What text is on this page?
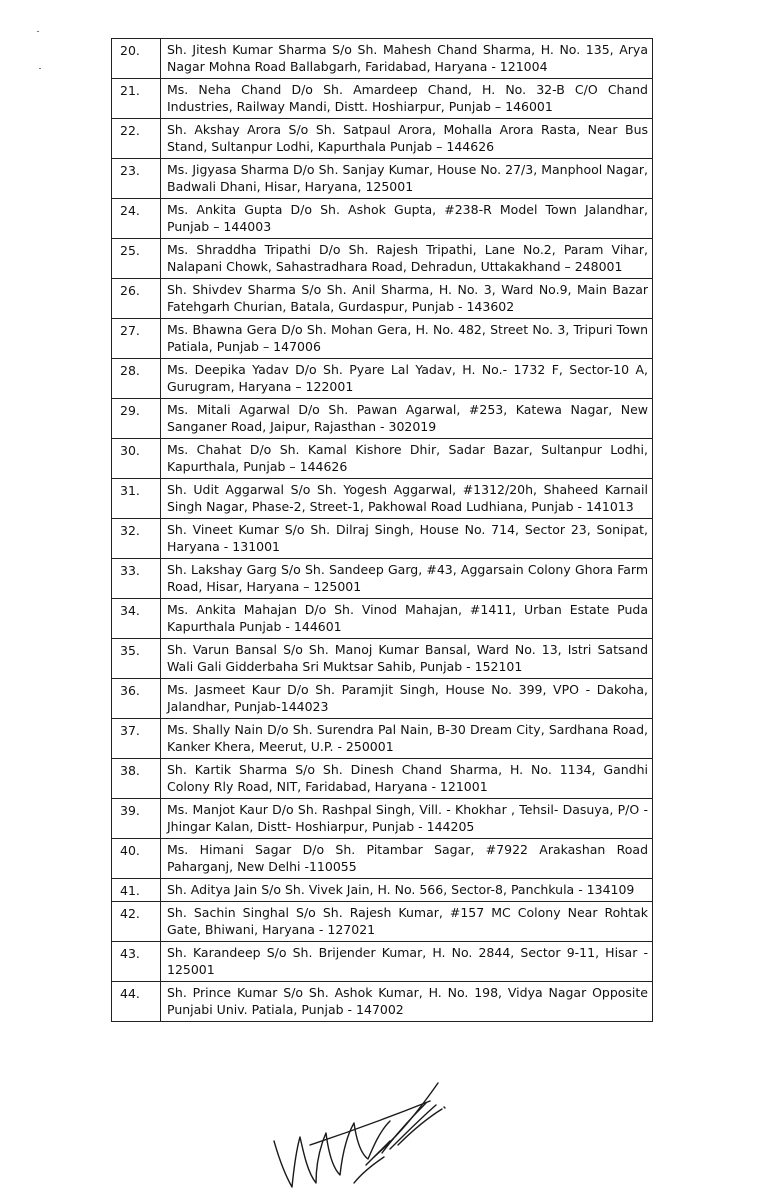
20.	Sh. Jitesh Kumar Sharma S/o Sh. Mahesh Chand Sharma, H. No. 135, Arya Nagar Mohna Road Ballabgarh, Faridabad, Haryana - 121004
21.	Ms. Neha Chand D/o Sh. Amardeep Chand, H. No. 32-B C/O Chand Industries, Railway Mandi, Distt. Hoshiarpur, Punjab – 146001
22.	Sh. Akshay Arora S/o Sh. Satpaul Arora, Mohalla Arora Rasta, Near Bus Stand, Sultanpur Lodhi, Kapurthala Punjab – 144626
23.	Ms. Jigyasa Sharma D/o Sh. Sanjay Kumar, House No. 27/3, Manphool Nagar, Badwali Dhani, Hisar, Haryana, 125001
24.	Ms. Ankita Gupta D/o Sh. Ashok Gupta, #238-R Model Town Jalandhar, Punjab – 144003
25.	Ms. Shraddha Tripathi D/o Sh. Rajesh Tripathi, Lane No.2, Param Vihar, Nalapani Chowk, Sahastradhara Road, Dehradun, Uttakakhand – 248001
26.	Sh. Shivdev Sharma S/o Sh. Anil Sharma, H. No. 3, Ward No.9, Main Bazar Fatehgarh Churian, Batala, Gurdaspur, Punjab - 143602
27.	Ms. Bhawna Gera D/o Sh. Mohan Gera, H. No. 482, Street No. 3, Tripuri Town Patiala, Punjab – 147006
28.	Ms. Deepika Yadav D/o Sh. Pyare Lal Yadav, H. No.- 1732 F, Sector-10 A, Gurugram, Haryana – 122001
29.	Ms. Mitali Agarwal D/o Sh. Pawan Agarwal, #253, Katewa Nagar, New Sanganer Road, Jaipur, Rajasthan - 302019
30.	Ms. Chahat D/o Sh. Kamal Kishore Dhir, Sadar Bazar, Sultanpur Lodhi, Kapurthala, Punjab – 144626
31.	Sh. Udit Aggarwal S/o Sh. Yogesh Aggarwal, #1312/20h, Shaheed Karnail Singh Nagar, Phase-2, Street-1, Pakhowal Road Ludhiana, Punjab - 141013
32.	Sh. Vineet Kumar S/o Sh. Dilraj Singh, House No. 714, Sector 23, Sonipat, Haryana - 131001
33.	Sh. Lakshay Garg S/o Sh. Sandeep Garg, #43, Aggarsain Colony Ghora Farm Road, Hisar, Haryana – 125001
34.	Ms. Ankita Mahajan D/o Sh. Vinod Mahajan, #1411, Urban Estate Puda Kapurthala Punjab - 144601
35.	Sh. Varun Bansal S/o Sh. Manoj Kumar Bansal, Ward No. 13, Istri Satsand Wali Gali Gidderbaha Sri Muktsar Sahib, Punjab - 152101
36.	Ms. Jasmeet Kaur D/o Sh. Paramjit Singh, House No. 399, VPO - Dakoha, Jalandhar, Punjab-144023
37.	Ms. Shally Nain D/o Sh. Surendra Pal Nain, B-30 Dream City, Sardhana Road, Kanker Khera, Meerut, U.P. - 250001
38.	Sh. Kartik Sharma S/o Sh. Dinesh Chand Sharma, H. No. 1134, Gandhi Colony Rly Road, NIT, Faridabad, Haryana - 121001
39.	Ms. Manjot Kaur D/o Sh. Rashpal Singh, Vill. - Khokhar , Tehsil- Dasuya, P/O - Jhingar Kalan, Distt- Hoshiarpur, Punjab - 144205
40.	Ms. Himani Sagar D/o Sh. Pitambar Sagar, #7922 Arakashan Road Paharganj, New Delhi -110055
41.	Sh. Aditya Jain S/o Sh. Vivek Jain, H. No. 566, Sector-8, Panchkula - 134109
42.	Sh. Sachin Singhal S/o Sh. Rajesh Kumar, #157 MC Colony Near Rohtak Gate, Bhiwani, Haryana - 127021
43.	Sh. Karandeep S/o Sh. Brijender Kumar, H. No. 2844, Sector 9-11, Hisar - 125001
44.	Sh. Prince Kumar S/o Sh. Ashok Kumar, H. No. 198, Vidya Nagar Opposite Punjabi Univ. Patiala, Punjab - 147002
